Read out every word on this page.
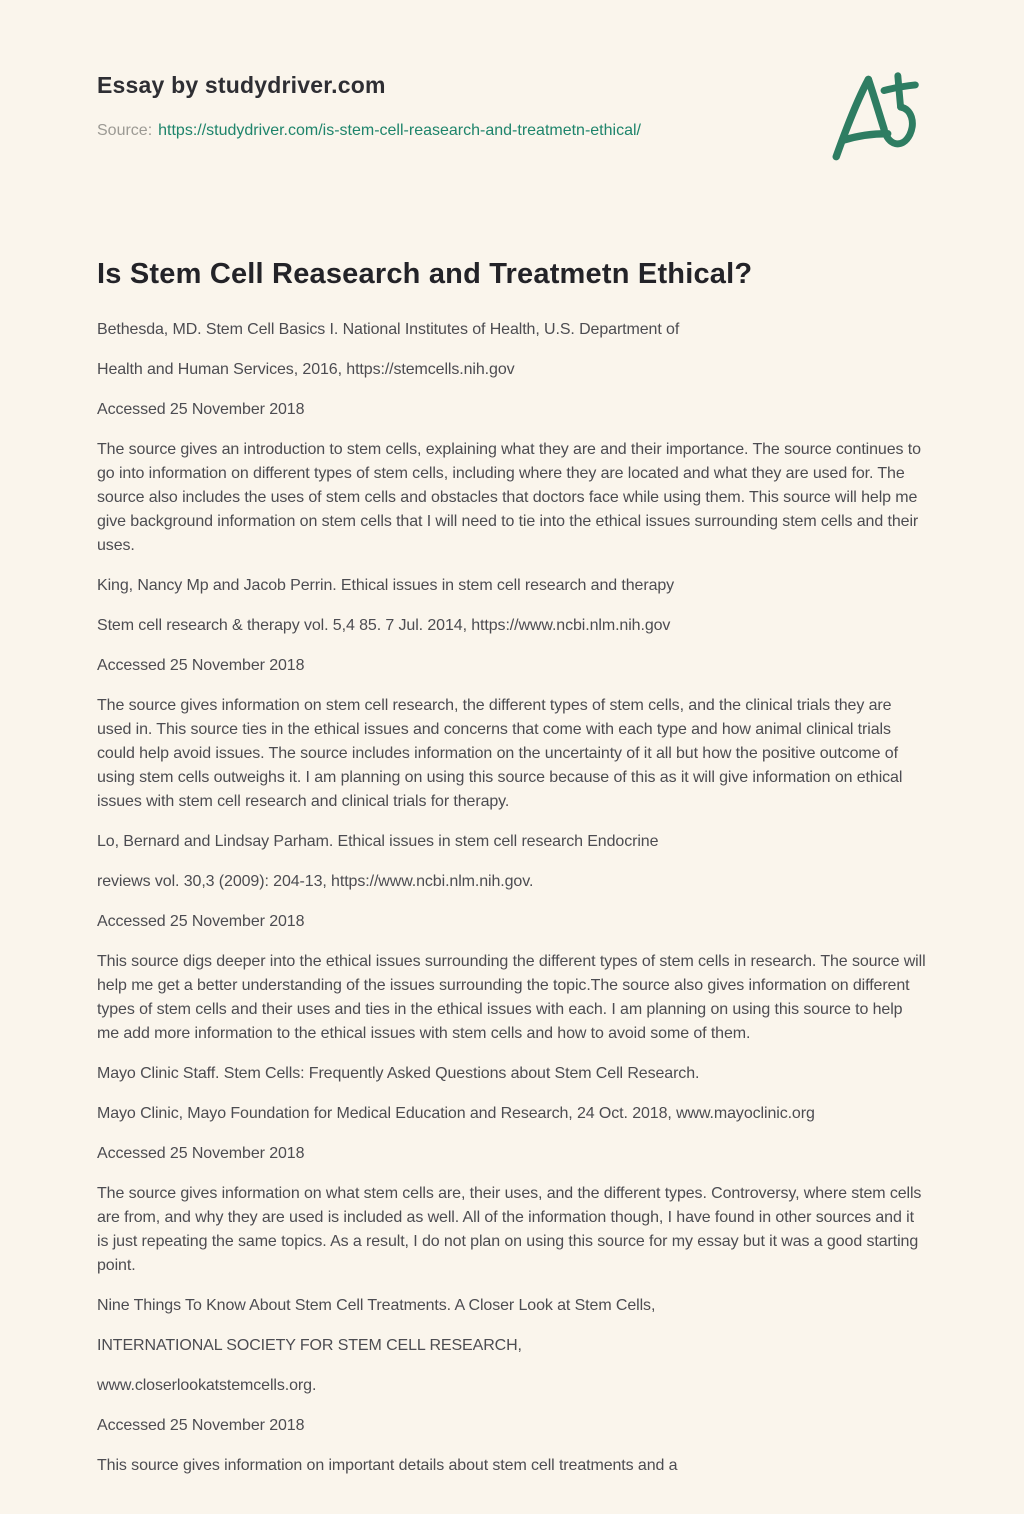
Essay by studydriver.com
Source: https://studydriver.com/is-stem-cell-reasearch-and-treatmetn-ethical/
Is Stem Cell Reasearch and Treatmetn Ethical?

Bethesda, MD. Stem Cell Basics I. National Institutes of Health, U.S. Department of

Health and Human Services, 2016, https://stemcells.nih.gov

Accessed 25 November 2018

The source gives an introduction to stem cells, explaining what they are and their importance. The source continues to go into information on different types of stem cells, including where they are located and what they are used for. The source also includes the uses of stem cells and obstacles that doctors face while using them. This source will help me give background information on stem cells that I will need to tie into the ethical issues surrounding stem cells and their uses.

King, Nancy Mp and Jacob Perrin. Ethical issues in stem cell research and therapy

Stem cell research & therapy vol. 5,4 85. 7 Jul. 2014, https://www.ncbi.nlm.nih.gov

Accessed 25 November 2018

The source gives information on stem cell research, the different types of stem cells, and the clinical trials they are used in. This source ties in the ethical issues and concerns that come with each type and how animal clinical trials could help avoid issues. The source includes information on the uncertainty of it all but how the positive outcome of using stem cells outweighs it. I am planning on using this source because of this as it will give information on ethical issues with stem cell research and clinical trials for therapy.

Lo, Bernard and Lindsay Parham. Ethical issues in stem cell research Endocrine

reviews vol. 30,3 (2009): 204-13, https://www.ncbi.nlm.nih.gov.

Accessed 25 November 2018

This source digs deeper into the ethical issues surrounding the different types of stem cells in research. The source will help me get a better understanding of the issues surrounding the topic.The source also gives information on different types of stem cells and their uses and ties in the ethical issues with each. I am planning on using this source to help me add more information to the ethical issues with stem cells and how to avoid some of them.

Mayo Clinic Staff. Stem Cells: Frequently Asked Questions about Stem Cell Research.

Mayo Clinic, Mayo Foundation for Medical Education and Research, 24 Oct. 2018, www.mayoclinic.org

Accessed 25 November 2018

The source gives information on what stem cells are, their uses, and the different types. Controversy, where stem cells are from, and why they are used is included as well. All of the information though, I have found in other sources and it is just repeating the same topics. As a result, I do not plan on using this source for my essay but it was a good starting point.

Nine Things To Know About Stem Cell Treatments. A Closer Look at Stem Cells,

INTERNATIONAL SOCIETY FOR STEM CELL RESEARCH,

www.closerlookatstemcells.org.

Accessed 25 November 2018

This source gives information on important details about stem cell treatments and a
